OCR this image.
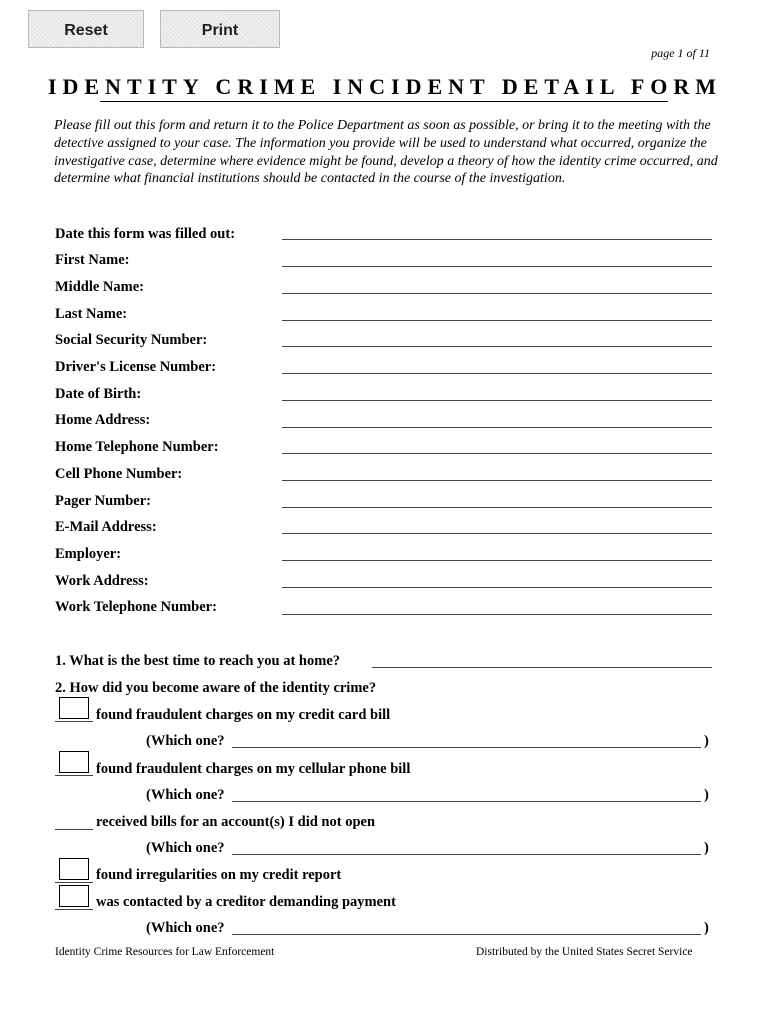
Reset	Print
page 1 of 11
IDENTITY CRIME INCIDENT DETAIL FORM
Please fill out this form and return it to the Police Department as soon as possible, or bring it to the meeting with the detective assigned to your case. The information you provide will be used to understand what occurred, organize the investigative case, determine where evidence might be found, develop a theory of how the identity crime occurred, and determine what financial institutions should be contacted in the course of the investigation.
Date this form was filled out:
First Name:
Middle Name:
Last Name:
Social Security Number:
Driver's License Number:
Date of Birth:
Home Address:
Home Telephone Number:
Cell Phone Number:
Pager Number:
E-Mail Address:
Employer:
Work Address:
Work Telephone Number:
1. What is the best time to reach you at home?
2. How did you become aware of the identity crime?
found fraudulent charges on my credit card bill
(Which one?	)
found fraudulent charges on my cellular phone bill
(Which one?	)
received bills for an account(s) I did not open
(Which one?	)
found irregularities on my credit report
was contacted by a creditor demanding payment
(Which one?	)
Identity Crime Resources for Law Enforcement	Distributed by the United States Secret Service
